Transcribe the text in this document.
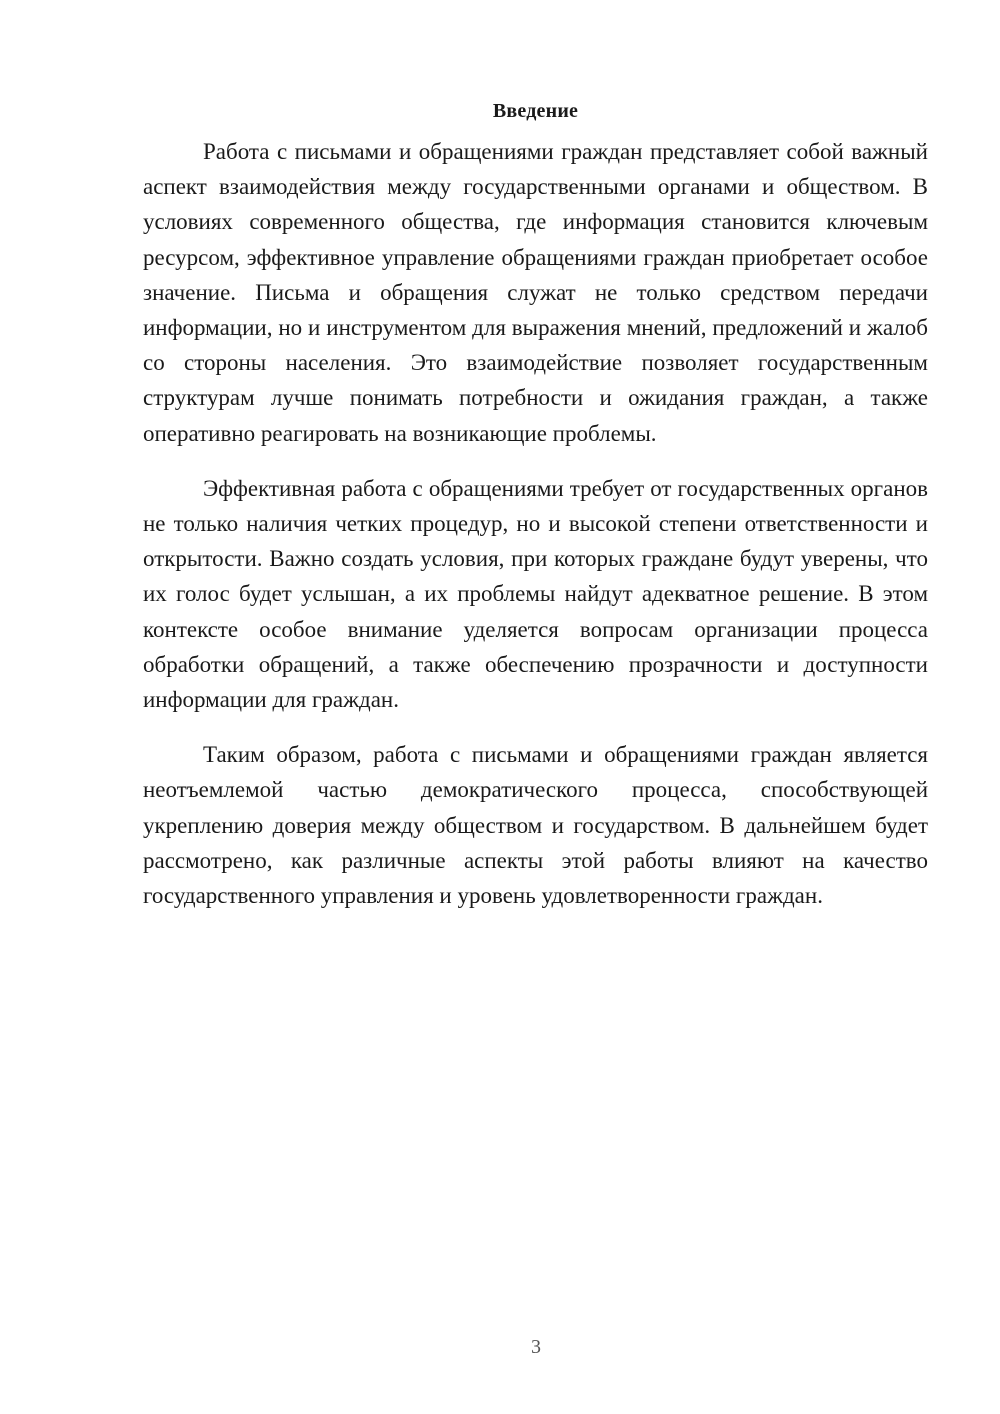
Введение

Работа с письмами и обращениями граждан представляет собой важный аспект взаимодействия между государственными органами и обществом. В условиях современного общества, где информация становится ключевым ресурсом, эффективное управление обращениями граждан приобретает особое значение. Письма и обращения служат не только средством передачи информации, но и инструментом для выражения мнений, предложений и жалоб со стороны населения. Это взаимодействие позволяет государственным структурам лучше понимать потребности и ожидания граждан, а также оперативно реагировать на возникающие проблемы.

Эффективная работа с обращениями требует от государственных органов не только наличия четких процедур, но и высокой степени ответственности и открытости. Важно создать условия, при которых граждане будут уверены, что их голос будет услышан, а их проблемы найдут адекватное решение. В этом контексте особое внимание уделяется вопросам организации процесса обработки обращений, а также обеспечению прозрачности и доступности информации для граждан.

Таким образом, работа с письмами и обращениями граждан является неотъемлемой частью демократического процесса, способствующей укреплению доверия между обществом и государством. В дальнейшем будет рассмотрено, как различные аспекты этой работы влияют на качество государственного управления и уровень удовлетворенности граждан.

3
